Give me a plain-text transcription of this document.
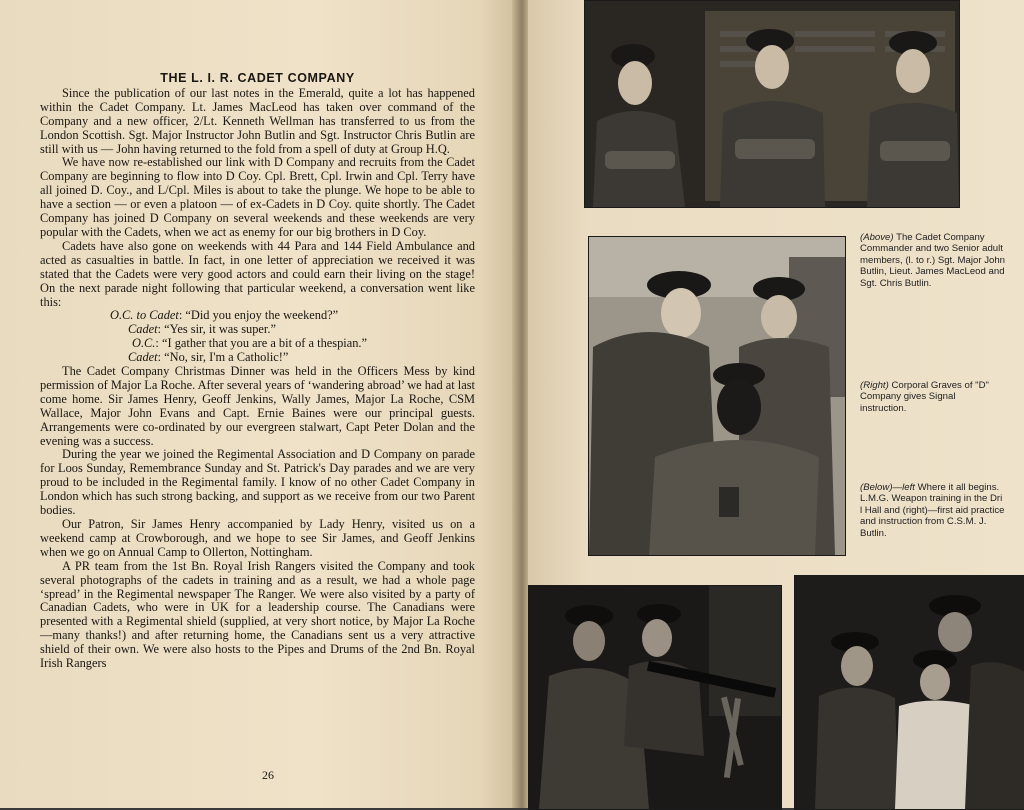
THE L. I. R. CADET COMPANY

Since the publication of our last notes in the Emerald, quite a lot has happened within the Cadet Company. Lt. James MacLeod has taken over command of the Company and a new officer, 2/Lt. Kenneth Wellman has transferred to us from the London Scottish. Sgt. Major Instructor John Butlin and Sgt. Instructor Chris Butlin are still with us — John having returned to the fold from a spell of duty at Group H.Q.

We have now re-established our link with D Company and recruits from the Cadet Company are beginning to flow into D Coy. Cpl. Brett, Cpl. Irwin and Cpl. Terry have all joined D. Coy., and L/Cpl. Miles is about to take the plunge. We hope to be able to have a section — or even a platoon — of ex-Cadets in D Coy. quite shortly. The Cadet Company has joined D Company on several weekends and these weekends are very popular with the Cadets, when we act as enemy for our big brothers in D Coy.

Cadets have also gone on weekends with 44 Para and 144 Field Ambulance and acted as casualties in battle. In fact, in one letter of appreciation we received it was stated that the Cadets were very good actors and could earn their living on the stage! On the next parade night following that particular weekend, a conversation went like this:

O.C. to Cadet: “Did you enjoy the weekend?”
Cadet: “Yes sir, it was super.”
O.C.: “I gather that you are a bit of a thespian.”
Cadet: “No, sir, I'm a Catholic!”

The Cadet Company Christmas Dinner was held in the Officers Mess by kind permission of Major La Roche. After several years of ‘wandering abroad’ we had at last come home. Sir James Henry, Geoff Jenkins, Wally James, Major La Roche, CSM Wallace, Major John Evans and Capt. Ernie Baines were our principal guests. Arrangements were co-ordinated by our evergreen stalwart, Capt Peter Dolan and the evening was a success.

During the year we joined the Regimental Association and D Company on parade for Loos Sunday, Remembrance Sunday and St. Patrick's Day parades and we are very proud to be included in the Regimental family. I know of no other Cadet Company in London which has such strong backing, and support as we receive from our two Parent bodies.

Our Patron, Sir James Henry accompanied by Lady Henry, visited us on a weekend camp at Crowborough, and we hope to see Sir James, and Geoff Jenkins when we go on Annual Camp to Ollerton, Nottingham.

A PR team from the 1st Bn. Royal Irish Rangers visited the Company and took several photographs of the cadets in training and as a result, we had a whole page ‘spread’ in the Regimental newspaper The Ranger. We were also visited by a party of Canadian Cadets, who were in UK for a leadership course. The Canadians were presented with a Regimental shield (supplied, at very short notice, by Major La Roche—many thanks!) and after returning home, the Canadians sent us a very attractive shield of their own. We were also hosts to the Pipes and Drums of the 2nd Bn. Royal Irish Rangers

26
(Above) The Cadet Company Commander and two Senior adult members, (l. to r.) Sgt. Major John Butlin, Lieut. James MacLeod and Sgt. Chris Butlin.
(Right) Corporal Graves of "D" Company gives Signal instruction.
(Below)—left Where it all begins. L.M.G. Weapon training in the Dri l Hall and (right)—first aid practice and instruction from C.S.M. J. Butlin.
